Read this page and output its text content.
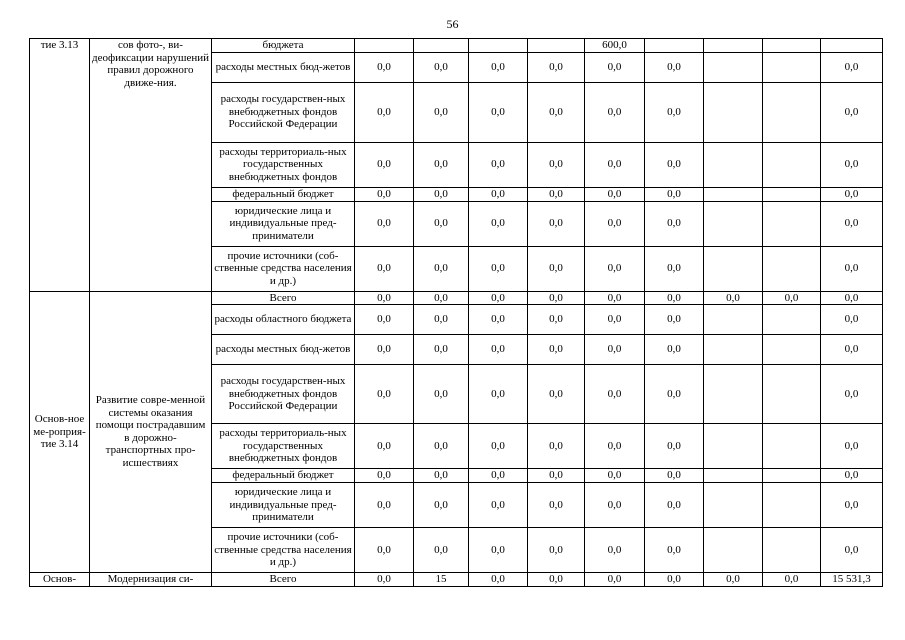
56
тие 3.13	сов фото-, ви-деофиксации нарушений правил дорожного движе-ния.	бюджета					600,0				
		расходы местных бюд-жетов	0,0	0,0	0,0	0,0	0,0	0,0			0,0
		расходы государствен-ных внебюджетных фондов Российской Федерации	0,0	0,0	0,0	0,0	0,0	0,0			0,0
		расходы территориаль-ных государственных внебюджетных фондов	0,0	0,0	0,0	0,0	0,0	0,0			0,0
		федеральный бюджет	0,0	0,0	0,0	0,0	0,0	0,0			0,0
		юридические лица и индивидуальные пред-приниматели	0,0	0,0	0,0	0,0	0,0	0,0			0,0
		прочие источники (соб-ственные средства населения и др.)	0,0	0,0	0,0	0,0	0,0	0,0			0,0
Основ-ное ме-роприя-тие 3.14	Развитие совре-менной системы оказания помощи пострадавшим в дорожно-транспортных про-исшествиях	Всего	0,0	0,0	0,0	0,0	0,0	0,0	0,0	0,0	0,0
		расходы областного бюджета	0,0	0,0	0,0	0,0	0,0	0,0			0,0
		расходы местных бюд-жетов	0,0	0,0	0,0	0,0	0,0	0,0			0,0
		расходы государствен-ных внебюджетных фондов Российской Федерации	0,0	0,0	0,0	0,0	0,0	0,0			0,0
		расходы территориаль-ных государственных внебюджетных фондов	0,0	0,0	0,0	0,0	0,0	0,0			0,0
		федеральный бюджет	0,0	0,0	0,0	0,0	0,0	0,0			0,0
		юридические лица и индивидуальные пред-приниматели	0,0	0,0	0,0	0,0	0,0	0,0			0,0
		прочие источники (соб-ственные средства населения и др.)	0,0	0,0	0,0	0,0	0,0	0,0			0,0
Основ-	Модернизация си-	Всего	0,0	15	0,0	0,0	0,0	0,0	0,0	0,0	15 531,3
